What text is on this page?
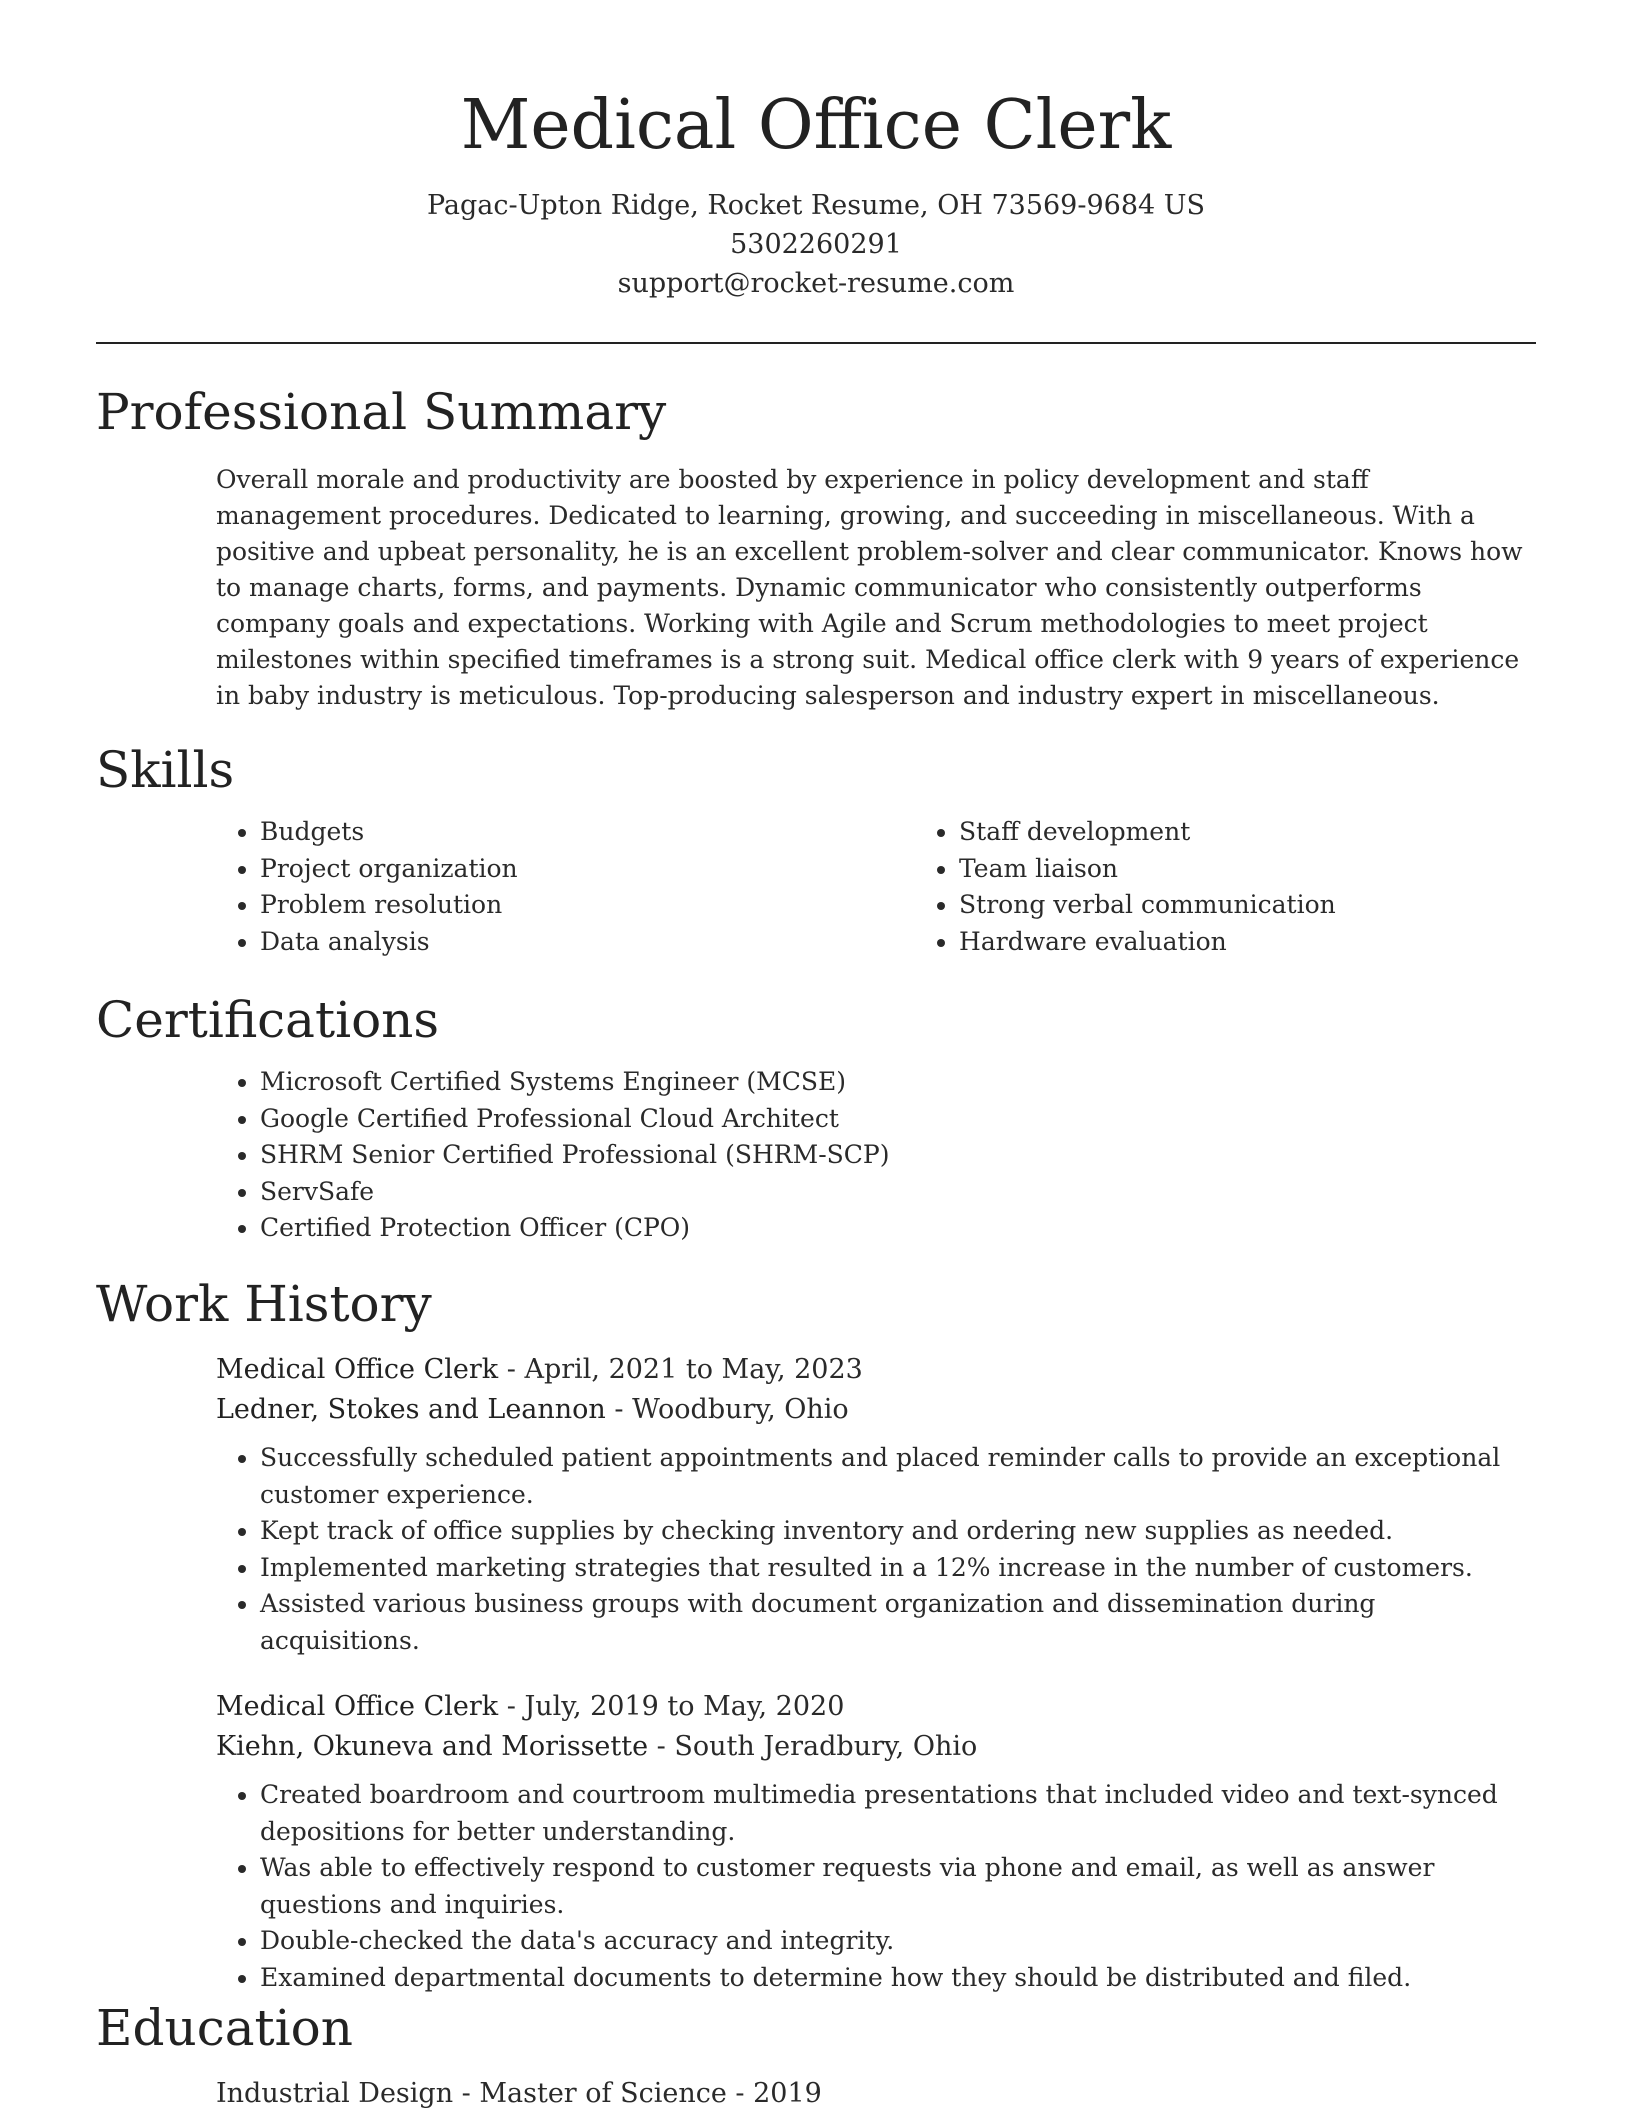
Medical Office Clerk

Pagac-Upton Ridge, Rocket Resume, OH 73569-9684 US

5302260291

support@rocket-resume.com

Professional Summary

Overall morale and productivity are boosted by experience in policy development and staff management procedures. Dedicated to learning, growing, and succeeding in miscellaneous. With a positive and upbeat personality, he is an excellent problem-solver and clear communicator. Knows how to manage charts, forms, and payments. Dynamic communicator who consistently outperforms company goals and expectations. Working with Agile and Scrum methodologies to meet project milestones within specified timeframes is a strong suit. Medical office clerk with 9 years of experience in baby industry is meticulous. Top-producing salesperson and industry expert in miscellaneous.

Skills
• Budgets
• Project organization
• Problem resolution
• Data analysis
• Staff development
• Team liaison
• Strong verbal communication
• Hardware evaluation
Certifications
• Microsoft Certified Systems Engineer (MCSE)
• Google Certified Professional Cloud Architect
• SHRM Senior Certified Professional (SHRM-SCP)
• ServSafe
• Certified Protection Officer (CPO)
Work History

Medical Office Clerk - April, 2021 to May, 2023

Ledner, Stokes and Leannon - Woodbury, Ohio

• Successfully scheduled patient appointments and placed reminder calls to provide an exceptional customer experience.
• Kept track of office supplies by checking inventory and ordering new supplies as needed.
• Implemented marketing strategies that resulted in a 12% increase in the number of customers.
• Assisted various business groups with document organization and dissemination during acquisitions.

Medical Office Clerk - July, 2019 to May, 2020

Kiehn, Okuneva and Morissette - South Jeradbury, Ohio

• Created boardroom and courtroom multimedia presentations that included video and text-synced depositions for better understanding.
• Was able to effectively respond to customer requests via phone and email, as well as answer questions and inquiries.
• Double-checked the data's accuracy and integrity.
• Examined departmental documents to determine how they should be distributed and filed.
Education

Industrial Design - Master of Science - 2019
